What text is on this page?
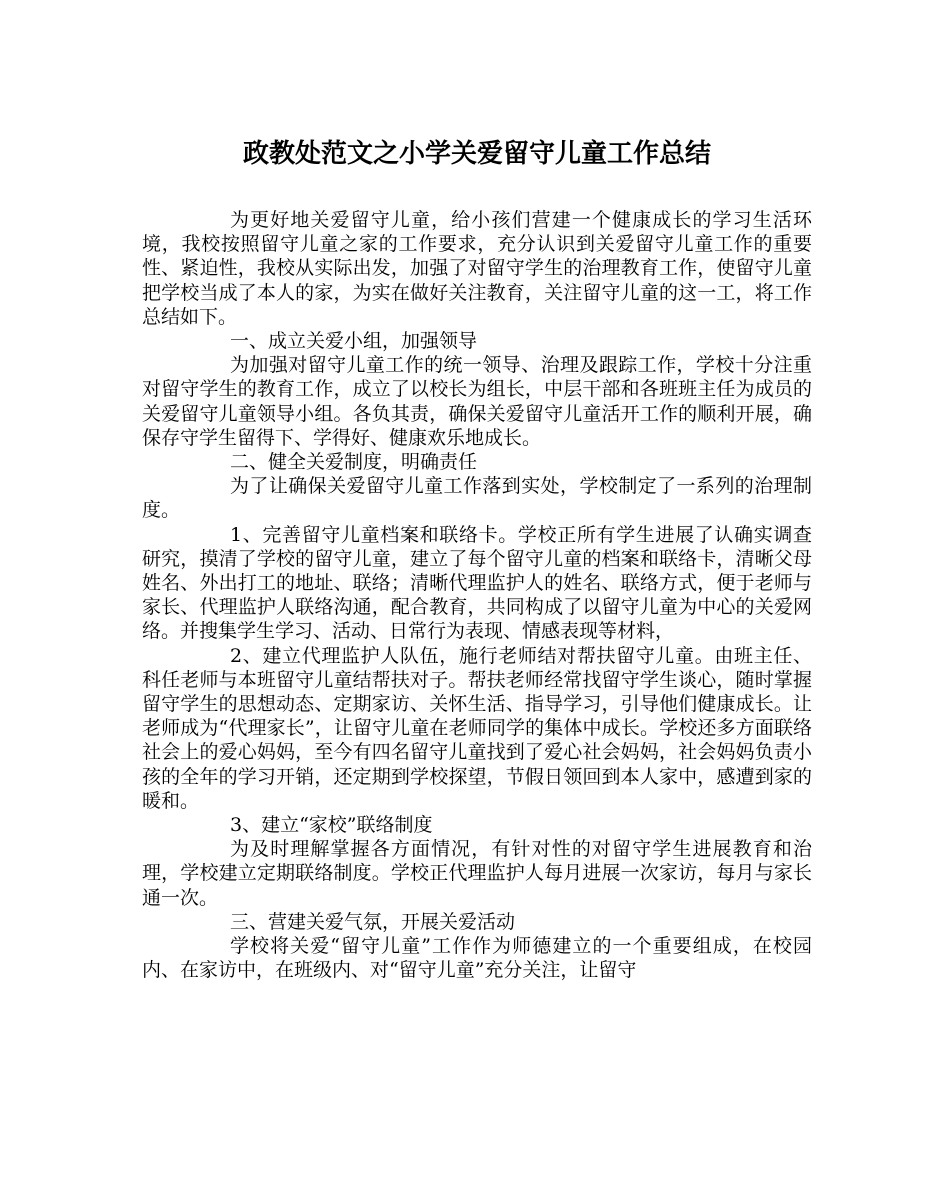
政教处范文之小学关爱留守儿童工作总结

为更好地关爱留守儿童，给小孩们营建一个健康成长的学习生活环境，我校按照留守儿童之家的工作要求，充分认识到关爱留守儿童工作的重要性、紧迫性，我校从实际出发，加强了对留守学生的治理教育工作，使留守儿童把学校当成了本人的家，为实在做好关注教育，关注留守儿童的这一工，将工作总结如下。

一、成立关爱小组，加强领导

为加强对留守儿童工作的统一领导、治理及跟踪工作，学校十分注重对留守学生的教育工作，成立了以校长为组长，中层干部和各班班主任为成员的关爱留守儿童领导小组。各负其责，确保关爱留守儿童活开工作的顺利开展，确保存守学生留得下、学得好、健康欢乐地成长。

二、健全关爱制度，明确责任

为了让确保关爱留守儿童工作落到实处，学校制定了一系列的治理制度。

1、完善留守儿童档案和联络卡。学校正所有学生进展了认确实调查研究，摸清了学校的留守儿童，建立了每个留守儿童的档案和联络卡，清晰父母姓名、外出打工的地址、联络；清晰代理监护人的姓名、联络方式，便于老师与家长、代理监护人联络沟通，配合教育，共同构成了以留守儿童为中心的关爱网络。并搜集学生学习、活动、日常行为表现、情感表现等材料，

2、建立代理监护人队伍，施行老师结对帮扶留守儿童。由班主任、科任老师与本班留守儿童结帮扶对子。帮扶老师经常找留守学生谈心，随时掌握留守学生的思想动态、定期家访、关怀生活、指导学习，引导他们健康成长。让老师成为“代理家长”，让留守儿童在老师同学的集体中成长。学校还多方面联络社会上的爱心妈妈，至今有四名留守儿童找到了爱心社会妈妈，社会妈妈负责小孩的全年的学习开销，还定期到学校探望，节假日领回到本人家中，感遭到家的暖和。

3、建立“家校”联络制度

为及时理解掌握各方面情况，有针对性的对留守学生进展教育和治理，学校建立定期联络制度。学校正代理监护人每月进展一次家访，每月与家长通一次。

三、营建关爱气氛，开展关爱活动

学校将关爱“留守儿童”工作作为师德建立的一个重要组成，在校园内、在家访中，在班级内、对“留守儿童”充分关注，让留守
